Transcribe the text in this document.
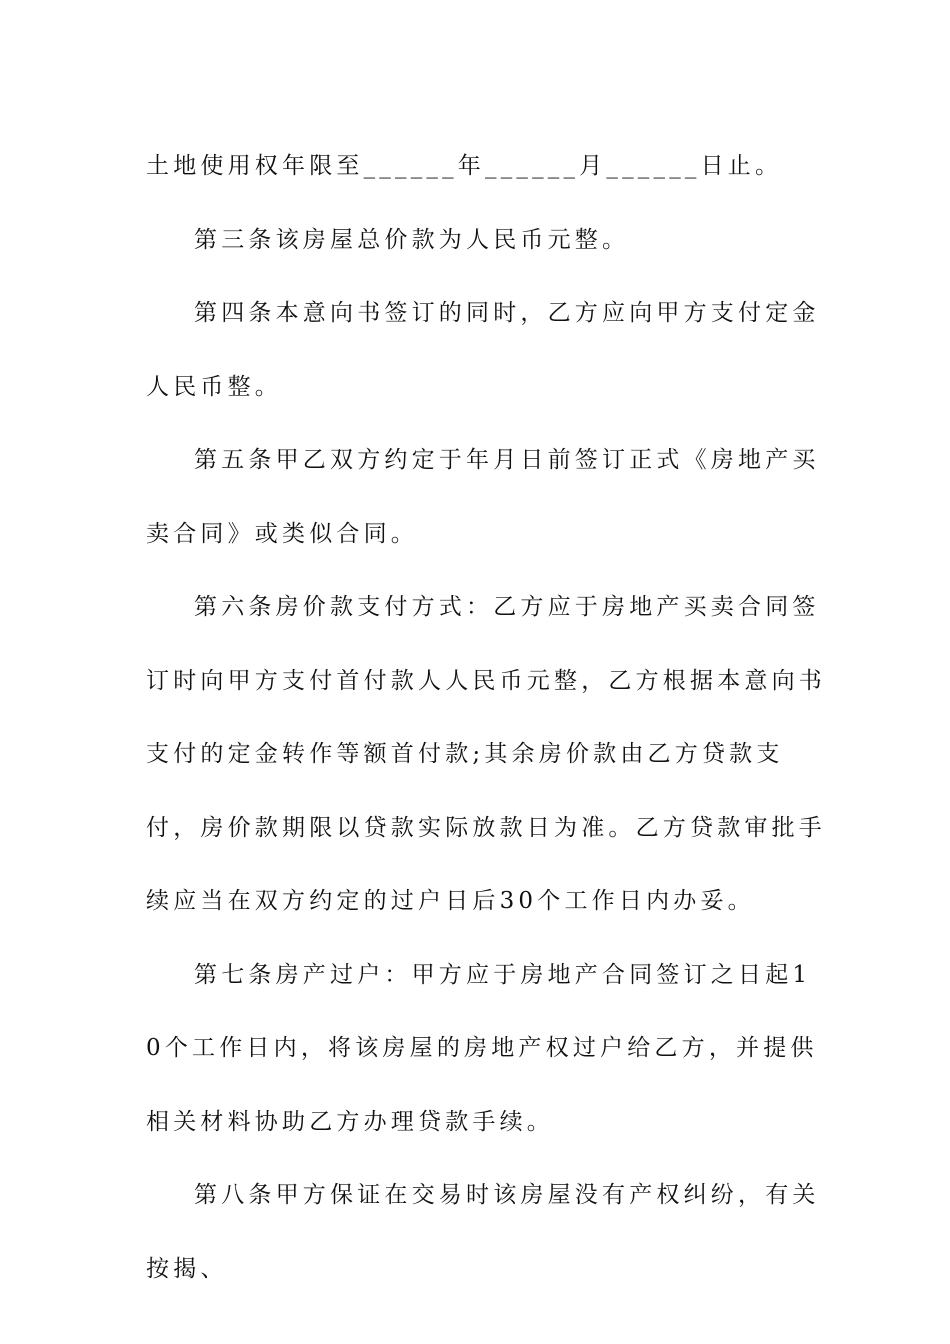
土地使用权年限至______年______月______日止。

第三条该房屋总价款为人民币元整。

第四条本意向书签订的同时，乙方应向甲方支付定金人民币整。

第五条甲乙双方约定于年月日前签订正式《房地产买卖合同》或类似合同。

第六条房价款支付方式：乙方应于房地产买卖合同签订时向甲方支付首付款人人民币元整，乙方根据本意向书支付的定金转作等额首付款;其余房价款由乙方贷款支付，房价款期限以贷款实际放款日为准。乙方贷款审批手续应当在双方约定的过户日后30个工作日内办妥。

第七条房产过户：甲方应于房地产合同签订之日起10个工作日内，将该房屋的房地产权过户给乙方，并提供相关材料协助乙方办理贷款手续。

第八条甲方保证在交易时该房屋没有产权纠纷，有关按揭、
